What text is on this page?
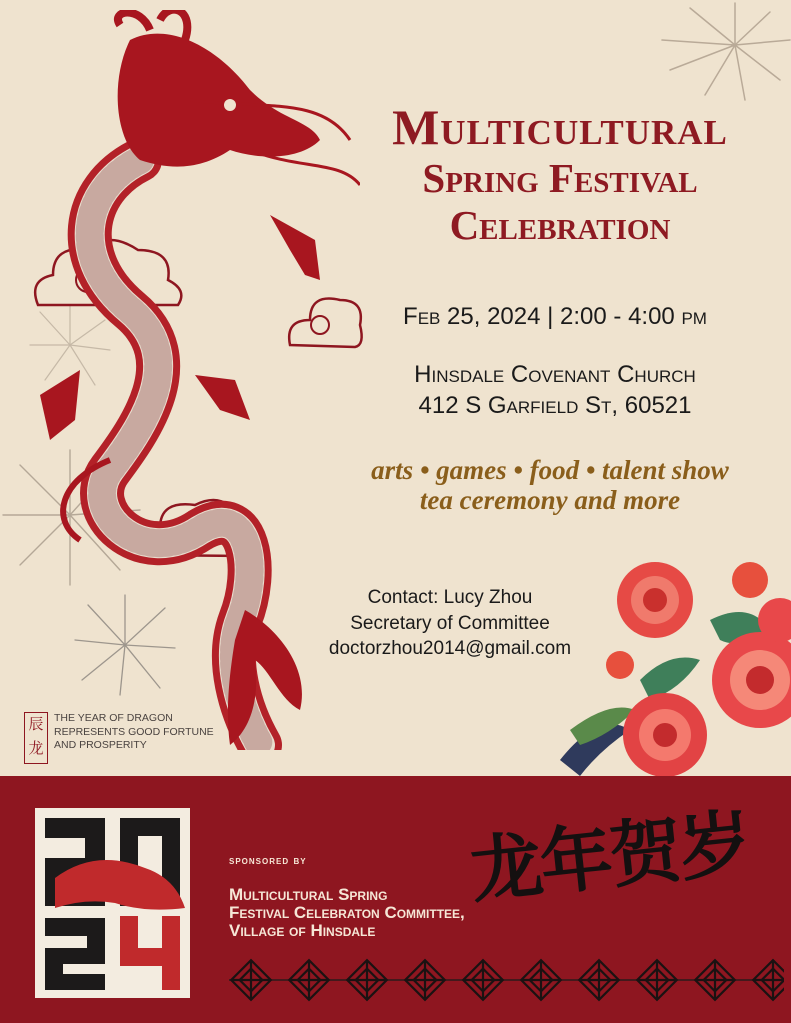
Multicultural
Spring Festival
Celebration
Feb 25, 2024 | 2:00 - 4:00 pm
Hinsdale Covenant Church
412 S Garfield St, 60521
arts • games • food • talent show
tea ceremony and more
Contact: Lucy Zhou
Secretary of Committee
doctorzhou2014@gmail.com
辰龙
THE YEAR OF DRAGON
REPRESENTS GOOD FORTUNE
AND PROSPERITY
sponsored by
Multicultural Spring
Festival Celebraton Committee,
Village of Hinsdale
龙年贺岁
